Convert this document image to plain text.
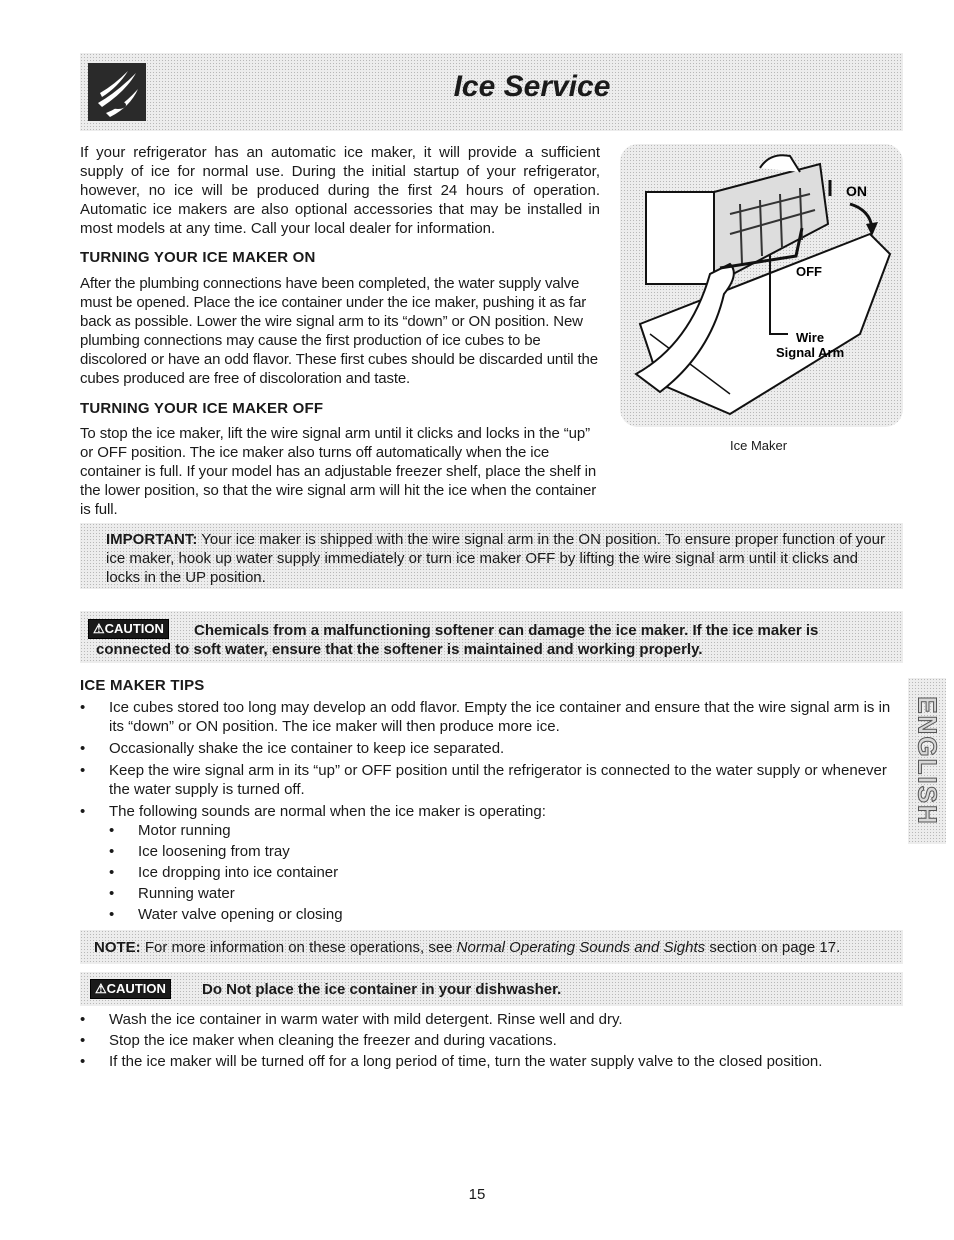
Ice Service

If your refrigerator has an automatic ice maker, it will provide a sufficient supply of ice for normal use. During the initial startup of your refrigerator, however, no ice will be produced during the first 24 hours of operation. Automatic ice makers are also optional accessories that may be installed in most models at any time. Call your local dealer for information.

TURNING YOUR ICE MAKER ON

After the plumbing connections have been completed, the water supply valve must be opened. Place the ice container under the ice maker, pushing it as far back as possible. Lower the wire signal arm to its “down” or ON position. New plumbing connections may cause the first production of ice cubes to be discolored or have an odd flavor. These first cubes should be discarded until the cubes produced are free of discoloration and taste.

TURNING YOUR ICE MAKER OFF

To stop the ice maker, lift the wire signal arm until it clicks and locks in the “up” or OFF position. The ice maker also turns off automatically when the ice container is full. If your model has an adjustable freezer shelf, place the shelf in the lower position, so that the wire signal arm will hit the ice when the container is full.

ON
OFF
Wire
Signal Arm
Ice Maker
IMPORTANT: Your ice maker is shipped with the wire signal arm in the ON position. To ensure proper function of your ice maker, hook up water supply immediately or turn ice maker OFF by lifting the wire signal arm until it clicks and locks in the UP position.
⚠CAUTION	Chemicals from a malfunctioning softener can damage the ice maker. If the ice maker is connected to soft water, ensure that the softener is maintained and working properly.
ICE MAKER TIPS
• Ice cubes stored too long may develop an odd flavor. Empty the ice container and ensure that the wire signal arm is in its “down” or ON position. The ice maker will then produce more ice.
• Occasionally shake the ice container to keep ice separated.
• Keep the wire signal arm in its “up” or OFF position until the refrigerator is connected to the water supply or whenever the water supply is turned off.
• The following sounds are normal when the ice maker is operating:
• Motor running
• Ice loosening from tray
• Ice dropping into ice container
• Running water
• Water valve opening or closing
NOTE: For more information on these operations, see Normal Operating Sounds and Sights section on page 17.
⚠CAUTION	Do Not place the ice container in your dishwasher.
• Wash the ice container in warm water with mild detergent. Rinse well and dry.
• Stop the ice maker when cleaning the freezer and during vacations.
• If the ice maker will be turned off for a long period of time, turn the water supply valve to the closed position.
ENGLISH
15
